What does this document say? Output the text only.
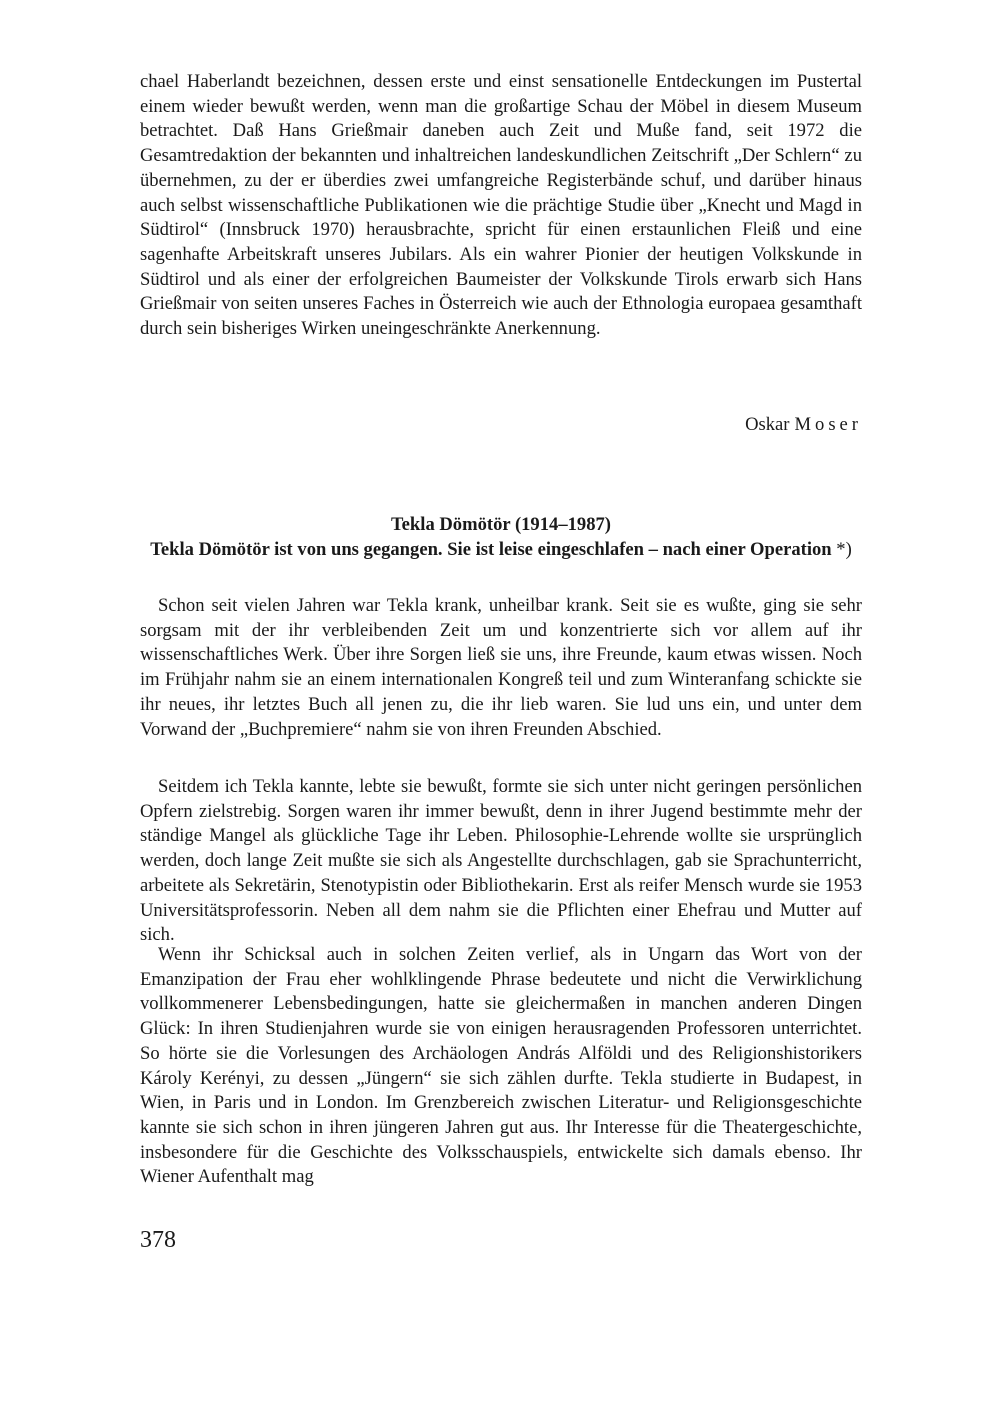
chael Haberlandt bezeichnen, dessen erste und einst sensationelle Entdeckungen im Pustertal einem wieder bewußt werden, wenn man die großartige Schau der Möbel in diesem Museum betrachtet. Daß Hans Grießmair daneben auch Zeit und Muße fand, seit 1972 die Gesamtredaktion der bekannten und inhaltreichen landeskundlichen Zeitschrift „Der Schlern“ zu übernehmen, zu der er überdies zwei umfangreiche Registerbände schuf, und darüber hinaus auch selbst wissenschaftliche Publikationen wie die prächtige Studie über „Knecht und Magd in Südtirol“ (Innsbruck 1970) herausbrachte, spricht für einen erstaunlichen Fleiß und eine sagenhafte Arbeitskraft unseres Jubilars. Als ein wahrer Pionier der heutigen Volkskunde in Südtirol und als einer der erfolgreichen Baumeister der Volkskunde Tirols erwarb sich Hans Grießmair von seiten unseres Faches in Österreich wie auch der Ethnologia europaea gesamthaft durch sein bisheriges Wirken uneingeschränkte Anerkennung.

Oskar Moser

Tekla Dömötör (1914–1987)

Tekla Dömötör ist von uns gegangen. Sie ist leise eingeschlafen – nach einer Operation *)

Schon seit vielen Jahren war Tekla krank, unheilbar krank. Seit sie es wußte, ging sie sehr sorgsam mit der ihr verbleibenden Zeit um und konzentrierte sich vor allem auf ihr wissenschaftliches Werk. Über ihre Sorgen ließ sie uns, ihre Freunde, kaum etwas wissen. Noch im Frühjahr nahm sie an einem internationalen Kongreß teil und zum Winteranfang schickte sie ihr neues, ihr letztes Buch all jenen zu, die ihr lieb waren. Sie lud uns ein, und unter dem Vorwand der „Buchpremiere“ nahm sie von ihren Freunden Abschied.

Seitdem ich Tekla kannte, lebte sie bewußt, formte sie sich unter nicht geringen persönlichen Opfern zielstrebig. Sorgen waren ihr immer bewußt, denn in ihrer Jugend bestimmte mehr der ständige Mangel als glückliche Tage ihr Leben. Philosophie-Lehrende wollte sie ursprünglich werden, doch lange Zeit mußte sie sich als Angestellte durchschlagen, gab sie Sprachunterricht, arbeitete als Sekretärin, Stenotypistin oder Bibliothekarin. Erst als reifer Mensch wurde sie 1953 Universitätsprofessorin. Neben all dem nahm sie die Pflichten einer Ehefrau und Mutter auf sich.

Wenn ihr Schicksal auch in solchen Zeiten verlief, als in Ungarn das Wort von der Emanzipation der Frau eher wohlklingende Phrase bedeutete und nicht die Verwirklichung vollkommenerer Lebensbedingungen, hatte sie gleichermaßen in manchen anderen Dingen Glück: In ihren Studienjahren wurde sie von einigen herausragenden Professoren unterrichtet. So hörte sie die Vorlesungen des Archäologen András Alföldi und des Religionshistorikers Károly Kerényi, zu dessen „Jüngern“ sie sich zählen durfte. Tekla studierte in Budapest, in Wien, in Paris und in London. Im Grenzbereich zwischen Literatur- und Religionsgeschichte kannte sie sich schon in ihren jüngeren Jahren gut aus. Ihr Interesse für die Theatergeschichte, insbesondere für die Geschichte des Volksschauspiels, entwickelte sich damals ebenso. Ihr Wiener Aufenthalt mag

378
